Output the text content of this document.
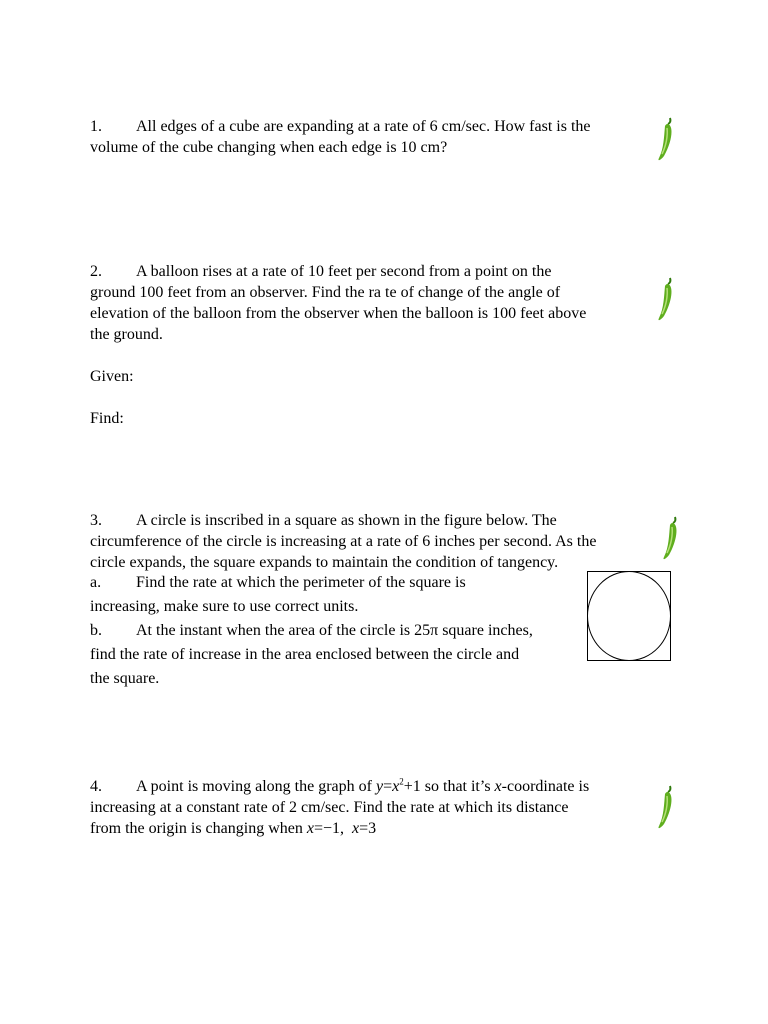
1. All edges of a cube are expanding at a rate of 6 cm/sec. How fast is the
volume of the cube changing when each edge is 10 cm?
2. A balloon rises at a rate of 10 feet per second from a point on the
ground 100 feet from an observer. Find the ra te of change of the angle of
elevation of the balloon from the observer when the balloon is 100 feet above
the ground.
Given:
Find:
3. A circle is inscribed in a square as shown in the figure below. The
circumference of the circle is increasing at a rate of 6 inches per second. As the
circle expands, the square expands to maintain the condition of tangency.
a. Find the rate at which the perimeter of the square is
increasing, make sure to use correct units.
b. At the instant when the area of the circle is 25π square inches,
find the rate of increase in the area enclosed between the circle and
the square.
4. A point is moving along the graph of $y=x^2+1$ so that it’s x-coordinate is
increasing at a constant rate of 2 cm/sec. Find the rate at which its distance
from the origin is changing when x=−1, x=3
